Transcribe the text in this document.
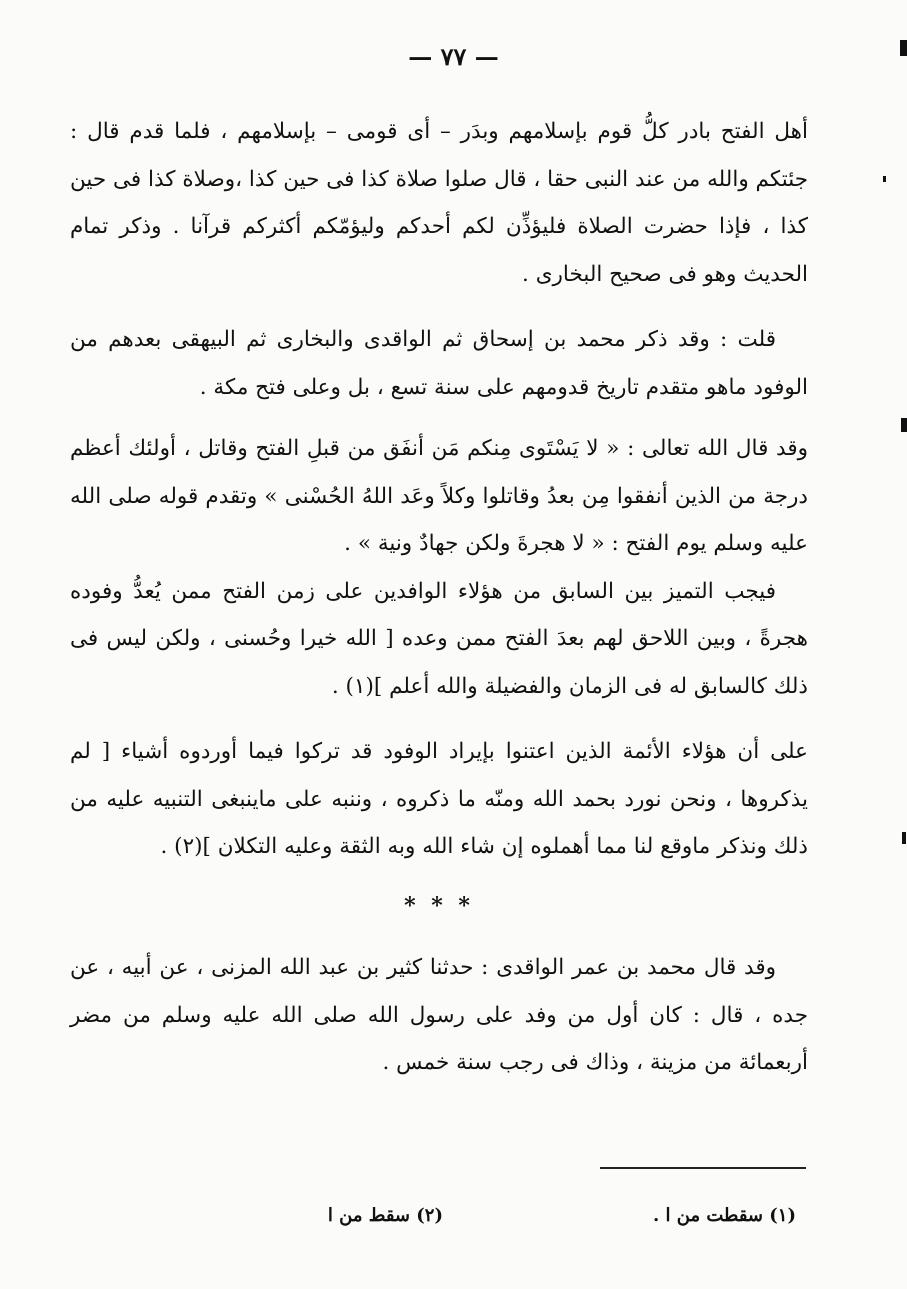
— ٧٧ —

أهل الفتح بادر كلُّ قوم بإسلامهم وبدَر – أى قومى – بإسلامهم ، فلما قدم قال : جئتكم والله من عند النبى حقا ، قال صلوا صلاة كذا فى حين كذا ،وصلاة كذا فى حين كذا ، فإذا حضرت الصلاة فليؤذِّن لكم أحدكم وليؤمّكم أكثركم قرآنا . وذكر تمام الحديث وهو فى صحيح البخارى .

قلت : وقد ذكر محمد بن إسحاق ثم الواقدى والبخارى ثم البيهقى بعدهم من الوفود ماهو متقدم تاريخ قدومهم على سنة تسع ، بل وعلى فتح مكة .

وقد قال الله تعالى : « لا يَسْتَوى مِنكم مَن أنفَق من قبلِ الفتح وقاتل ، أولئك أعظم درجة من الذين أنفقوا مِن بعدُ وقاتلوا وكلاً وعَد اللهُ الحُسْنى » وتقدم قوله صلى الله عليه وسلم يوم الفتح : « لا هجرةَ ولكن جهادٌ ونية » .

فيجب التميز بين السابق من هؤلاء الوافدين على زمن الفتح ممن يُعدُّ وفوده هجرةً ، وبين اللاحق لهم بعدَ الفتح ممن وعده [ الله خيرا وحُسنى ، ولكن ليس فى ذلك كالسابق له فى الزمان والفضيلة والله أعلم ](١) .

على أن هؤلاء الأئمة الذين اعتنوا بإيراد الوفود قد تركوا فيما أوردوه أشياء [ لم يذكروها ، ونحن نورد بحمد الله ومنّه ما ذكروه ، وننبه على ماينبغى التنبيه عليه من ذلك ونذكر ماوقع لنا مما أهملوه إن شاء الله وبه الثقة وعليه التكلان ](٢) .

* * *

وقد قال محمد بن عمر الواقدى : حدثنا كثير بن عبد الله المزنى ، عن أبيه ، عن جده ، قال : كان أول من وفد على رسول الله صلى الله عليه وسلم من مضر أربعمائة من مزينة ، وذاك فى رجب سنة خمس .

(١) سقطت من ا .
(٢) سقط من ا
